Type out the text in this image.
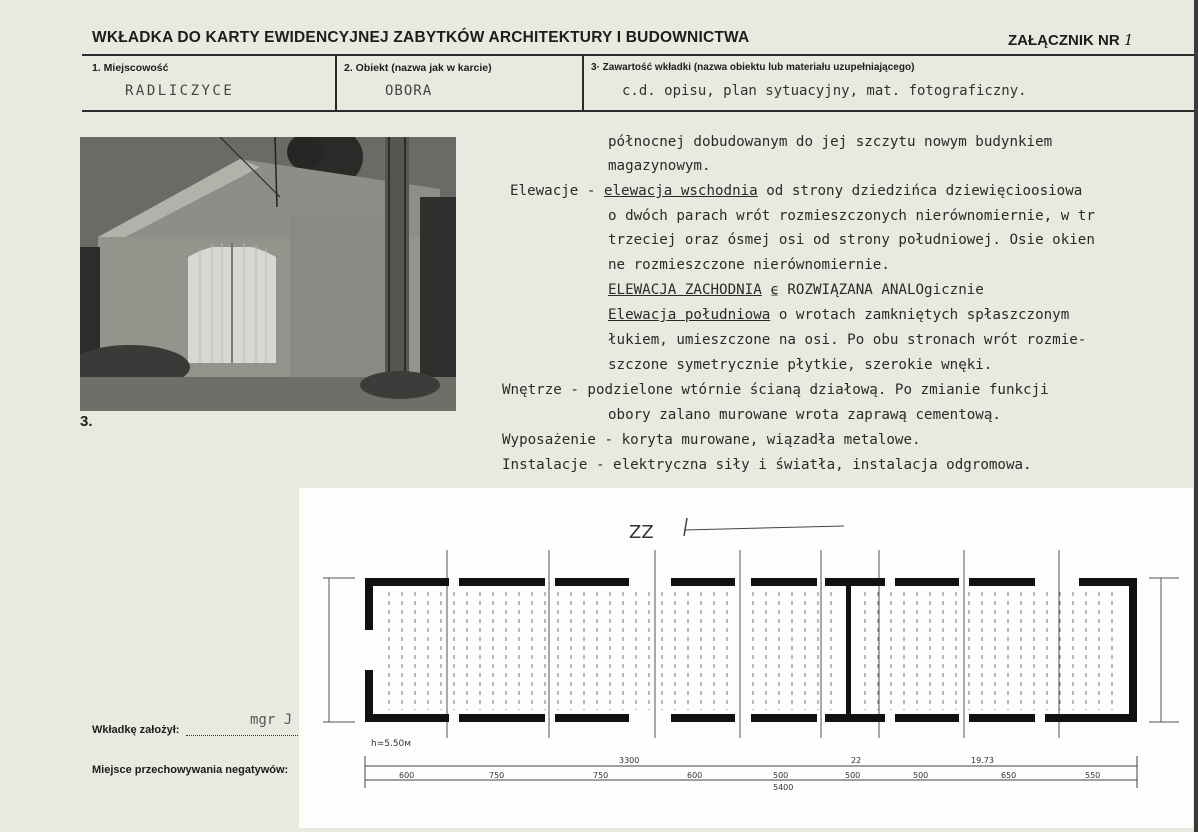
WKŁADKA DO KARTY EWIDENCYJNEJ ZABYTKÓW ARCHITEKTURY I BUDOWNICTWA	ZAŁĄCZNIK NR 1
1. Miejscowość
RADLICZYCE
2. Obiekt (nazwa jak w karcie)
OBORA
3· Zawartość wkładki (nazwa obiektu lub materiału uzupełniającego)
c.d. opisu, plan sytuacyjny, mat. fotograficzny.
3.
północnej dobudowanym do jej szczytu nowym budynkiem
magazynowym.
Elewacje - elewacja wschodnia od strony dziedzińca dziewięcioosiowa
o dwóch parach wrót rozmieszczonych nierównomiernie, w tr
trzeciej oraz ósmej osi od strony południowej. Osie okien
ne rozmieszczone nierównomiernie.
ELEWACJA ZACHODNIA ⍷ ROZWIĄZANA ANALOgicznie
Elewacja południowa o wrotach zamkniętych spłaszczonym
łukiem, umieszczone na osi. Po obu stronach wrót rozmie-
szczone symetrycznie płytkie, szerokie wnęki.
Wnętrze - podzielone wtórnie ścianą działową. Po zmianie funkcji
obory zalano murowane wrota zaprawą cementową.
Wyposażenie - koryta murowane, wiązadła metalowe.
Instalacje - elektryczna siły i światła, instalacja odgromowa.
Wkładkę założył:
mgr J
Miejsce przechowywania negatywów:
ZZ
h=5.50м
3300	22	19.73
600	750	750	600	500	500	500	650	550
5400
